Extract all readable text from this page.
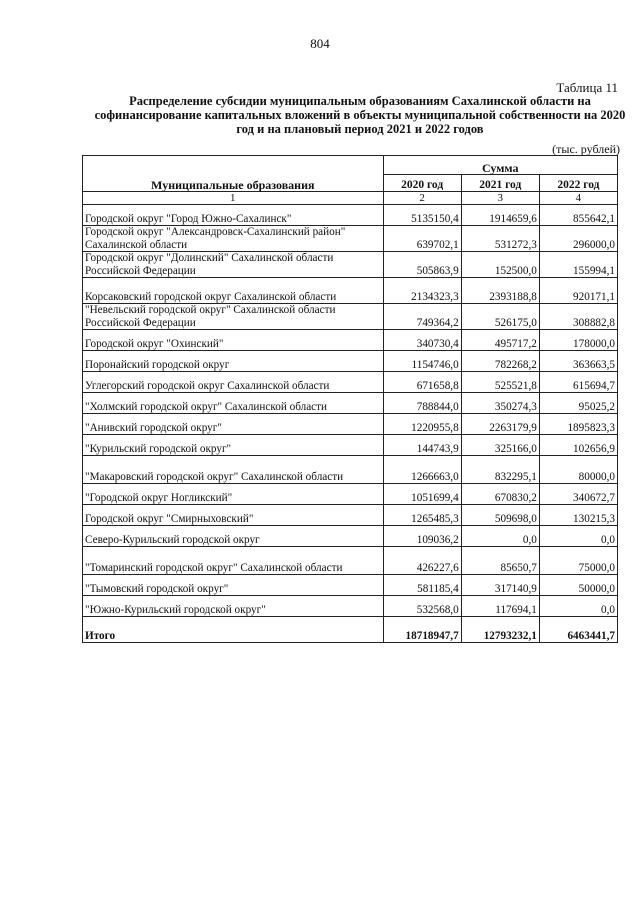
804
Таблица 11
Распределение субсидии муниципальным образованиям Сахалинской области на софинансирование капитальных вложений в объекты муниципальной собственности на 2020 год и на плановый период 2021 и 2022 годов
(тыс. рублей)
Муниципальные образования	Сумма		
	2020 год	2021 год	2022 год
1	2	3	4
Городской округ "Город Южно-Сахалинск"	5135150,4	1914659,6	855642,1
Городской округ "Александровск-Сахалинский район" Сахалинской области	639702,1	531272,3	296000,0
Городской округ "Долинский" Сахалинской области Российской Федерации	505863,9	152500,0	155994,1
Корсаковский городской округ Сахалинской области	2134323,3	2393188,8	920171,1
"Невельский городской округ" Сахалинской области Российской Федерации	749364,2	526175,0	308882,8
Городской округ "Охинский"	340730,4	495717,2	178000,0
Поронайский городской округ	1154746,0	782268,2	363663,5
Углегорский городской округ Сахалинской области	671658,8	525521,8	615694,7
"Холмский городской округ" Сахалинской области	788844,0	350274,3	95025,2
"Анивский городской округ"	1220955,8	2263179,9	1895823,3
"Курильский городской округ"	144743,9	325166,0	102656,9
"Макаровский городской округ" Сахалинской области	1266663,0	832295,1	80000,0
"Городской округ Ногликский"	1051699,4	670830,2	340672,7
Городской округ "Смирныховский"	1265485,3	509698,0	130215,3
Северо-Курильский городской округ	109036,2	0,0	0,0
"Томаринский городской округ" Сахалинской области	426227,6	85650,7	75000,0
"Тымовский городской округ"	581185,4	317140,9	50000,0
"Южно-Курильский городской округ"	532568,0	117694,1	0,0
Итого	18718947,7	12793232,1	6463441,7
